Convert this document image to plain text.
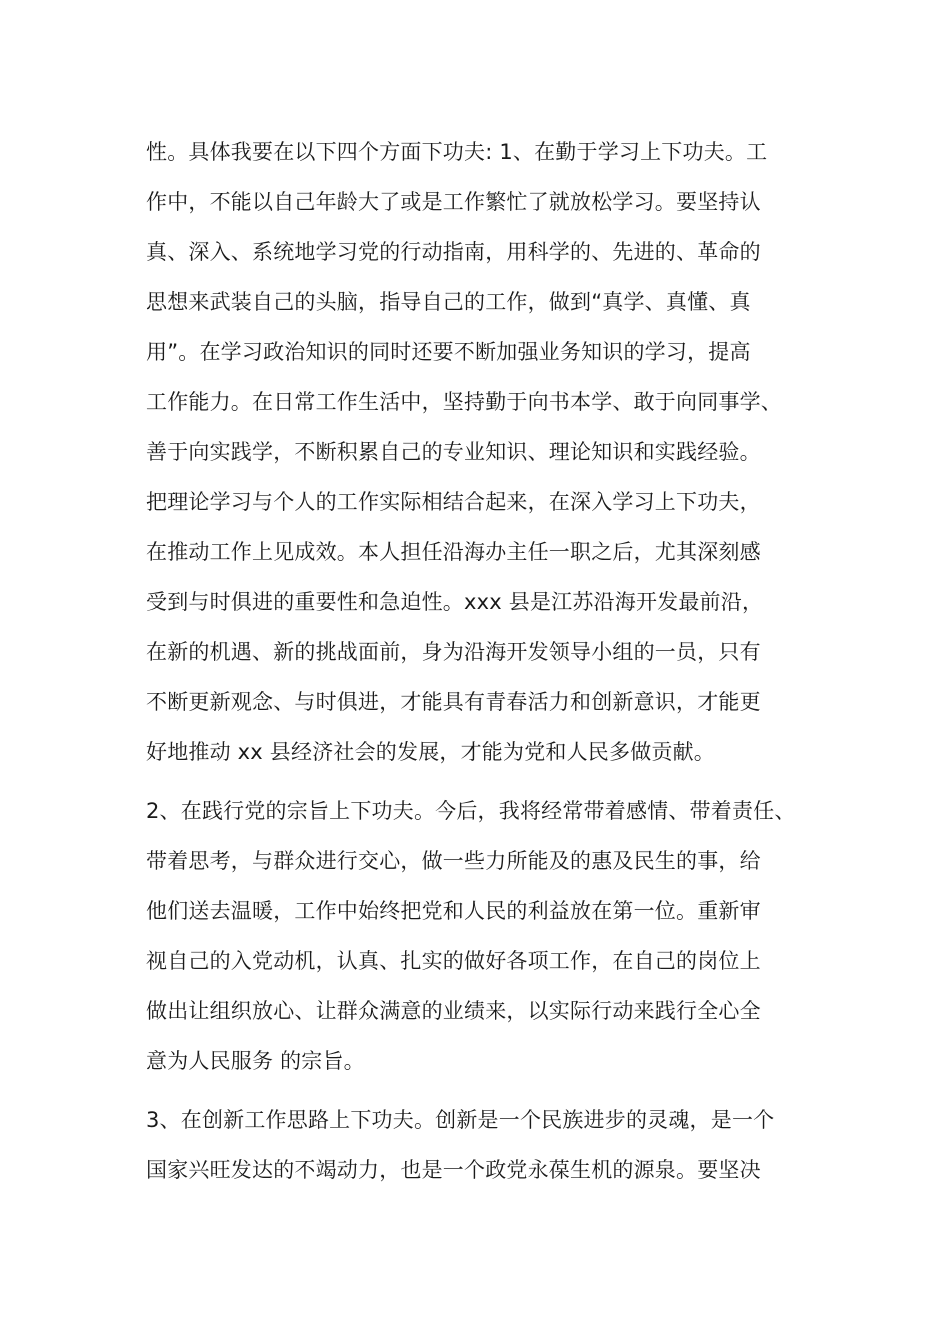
性。具体我要在以下四个方面下功夫: 1、在勤于学习上下功夫。工
作中，不能以自己年龄大了或是工作繁忙了就放松学习。要坚持认
真、深入、系统地学习党的行动指南，用科学的、先进的、革命的
思想来武装自己的头脑，指导自己的工作，做到“真学、真懂、真
用”。在学习政治知识的同时还要不断加强业务知识的学习，提高
工作能力。在日常工作生活中，坚持勤于向书本学、敢于向同事学、
善于向实践学，不断积累自己的专业知识、理论知识和实践经验。
把理论学习与个人的工作实际相结合起来，在深入学习上下功夫，
在推动工作上见成效。本人担任沿海办主任一职之后，尤其深刻感
受到与时俱进的重要性和急迫性。xxx 县是江苏沿海开发最前沿，
在新的机遇、新的挑战面前，身为沿海开发领导小组的一员，只有
不断更新观念、与时俱进，才能具有青春活力和创新意识，才能更
好地推动 xx 县经济社会的发展，才能为党和人民多做贡献。
2、在践行党的宗旨上下功夫。今后，我将经常带着感情、带着责任、
带着思考，与群众进行交心，做一些力所能及的惠及民生的事，给
他们送去温暖，工作中始终把党和人民的利益放在第一位。重新审
视自己的入党动机，认真、扎实的做好各项工作，在自己的岗位上
做出让组织放心、让群众满意的业绩来，以实际行动来践行全心全
意为人民服务 的宗旨。
3、在创新工作思路上下功夫。创新是一个民族进步的灵魂，是一个
国家兴旺发达的不竭动力，也是一个政党永葆生机的源泉。要坚决
